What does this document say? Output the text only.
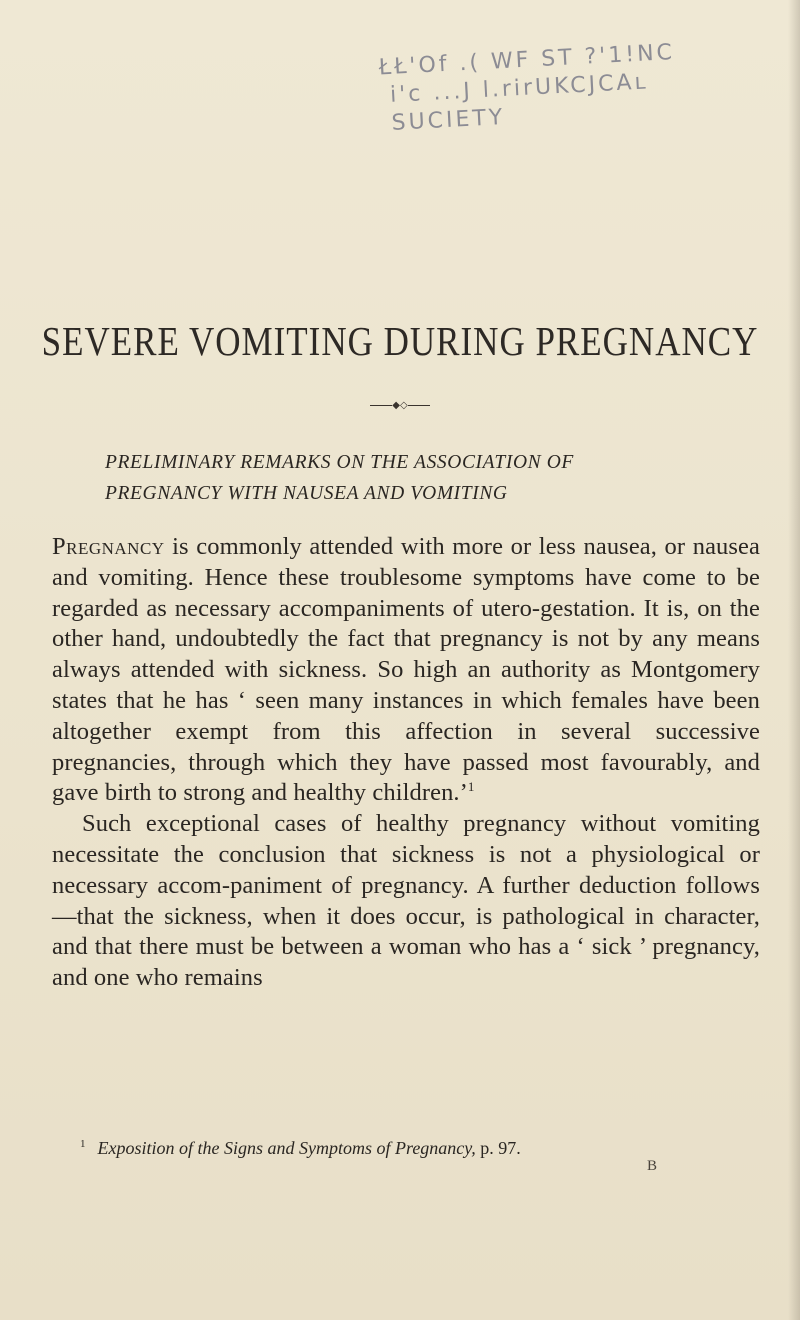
ŁŁ'Of .( WF ST ?'1!NC
i'c ...J l.rirUKCJCAʟ SUCIETY
SEVERE VOMITING DURING PREGNANCY
◆◇
PRELIMINARY REMARKS ON THE ASSOCIATION OF
PREGNANCY WITH NAUSEA AND VOMITING

Pregnancy is commonly attended with more or less nausea, or nausea and vomiting. Hence these troublesome symptoms have come to be regarded as necessary accompaniments of utero-gestation. It is, on the other hand, undoubtedly the fact that pregnancy is not by any means always attended with sickness. So high an authority as Montgomery states that he has ‘ seen many instances in which females have been altogether exempt from this affection in several successive pregnancies, through which they have passed most favourably, and gave birth to strong and healthy children.’$^1$

Such exceptional cases of healthy pregnancy without vomiting necessitate the conclusion that sickness is not a physiological or necessary accom-paniment of pregnancy. A further deduction follows —that the sickness, when it does occur, is pathological in character, and that there must be between a woman who has a ‘ sick ’ pregnancy, and one who remains

$^1$ Exposition of the Signs and Symptoms of Pregnancy, p. 97.
B
